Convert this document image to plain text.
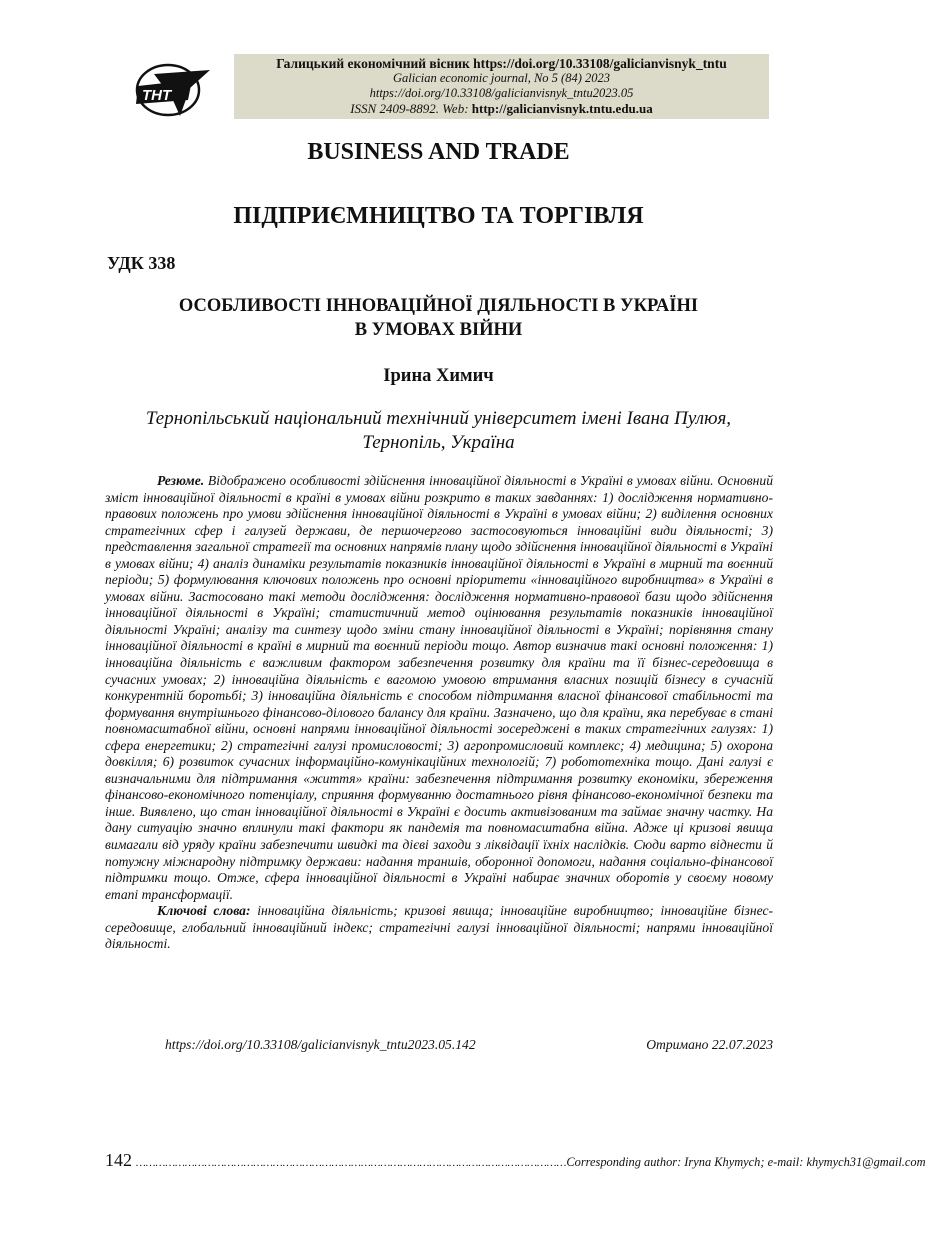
ТНТ
Галицький економічний вісник https://doi.org/10.33108/galicianvisnyk_tntu
Galician economic journal, No 5 (84) 2023
https://doi.org/10.33108/galicianvisnyk_tntu2023.05
ISSN 2409-8892. Web: http://galicianvisnyk.tntu.edu.ua
BUSINESS AND TRADE
ПІДПРИЄМНИЦТВО ТА ТОРГІВЛЯ
УДК 338
ОСОБЛИВОСТІ ІННОВАЦІЙНОЇ ДІЯЛЬНОСТІ В УКРАЇНІ
В УМОВАХ ВІЙНИ
Ірина Химич
Тернопільський національний технічний університет імені Івана Пулюя,
Тернопіль, Україна

Резюме. Відображено особливості здійснення інноваційної діяльності в Україні в умовах війни. Основний зміст інноваційної діяльності в країні в умовах війни розкрито в таких завданнях: 1) дослідження нормативно-правових положень про умови здійснення інноваційної діяльності в Україні в умовах війни; 2) виділення основних стратегічних сфер і галузей держави, де першочергово застосовуються інноваційні види діяльності; 3) представлення загальної стратегії та основних напрямів плану щодо здійснення інноваційної діяльності в Україні в умовах війни; 4) аналіз динаміки результатів показників інноваційної діяльності в Україні в мирний та воєнний періоди; 5) формулювання ключових положень про основні пріоритети «інноваційного виробництва» в Україні в умовах війни. Застосовано такі методи дослідження: дослідження нормативно-правової бази щодо здійснення інноваційної діяльності в Україні; статистичний метод оцінювання результатів показників інноваційної діяльності Україні; аналізу та синтезу щодо зміни стану інноваційної діяльності в Україні; порівняння стану інноваційної діяльності в країні в мирний та воєнний періоди тощо. Автор визначив такі основні положення: 1) інноваційна діяльність є важливим фактором забезпечення розвитку для країни та її бізнес-середовища в сучасних умовах; 2) інноваційна діяльність є вагомою умовою втримання власних позицій бізнесу в сучасній конкурентній боротьбі; 3) інноваційна діяльність є способом підтримання власної фінансової стабільності та формування внутрішнього фінансово-ділового балансу для країни. Зазначено, що для країни, яка перебуває в стані повномасштабної війни, основні напрями інноваційної діяльності зосереджені в таких стратегічних галузях: 1) сфера енергетики; 2) стратегічні галузі промисловості; 3) агропромисловий комплекс; 4) медицина; 5) охорона довкілля; 6) розвиток сучасних інформаційно-комунікаційних технологій; 7) робототехніка тощо. Дані галузі є визначальними для підтримання «життя» країни: забезпечення підтримання розвитку економіки, збереження фінансово-економічного потенціалу, сприяння формуванню достатнього рівня фінансово-економічної безпеки та інше. Виявлено, що стан інноваційної діяльності в Україні є досить активізованим та займає значну частку. На дану ситуацію значно вплинули такі фактори як пандемія та повномасштабна війна. Адже ці кризові явища вимагали від уряду країни забезпечити швидкі та дієві заходи з ліквідації їхніх наслідків. Сюди варто віднести й потужну міжнародну підтримку держави: надання траншів, оборонної допомоги, надання соціально-фінансової підтримки тощо. Отже, сфера інноваційної діяльності в Україні набирає значних оборотів у своєму новому етапі трансформації.

Ключові слова: інноваційна діяльність; кризові явища; інноваційне виробництво; інноваційне бізнес-середовище, глобальний інноваційний індекс; стратегічні галузі інноваційної діяльності; напрями інноваційної діяльності.

https://doi.org/10.33108/galicianvisnyk_tntu2023.05.142	Отримано 22.07.2023
142 …………………………………………………………………………………………………………………… Corresponding author: Iryna Khymych; e-mail: khymych31@gmail.com
